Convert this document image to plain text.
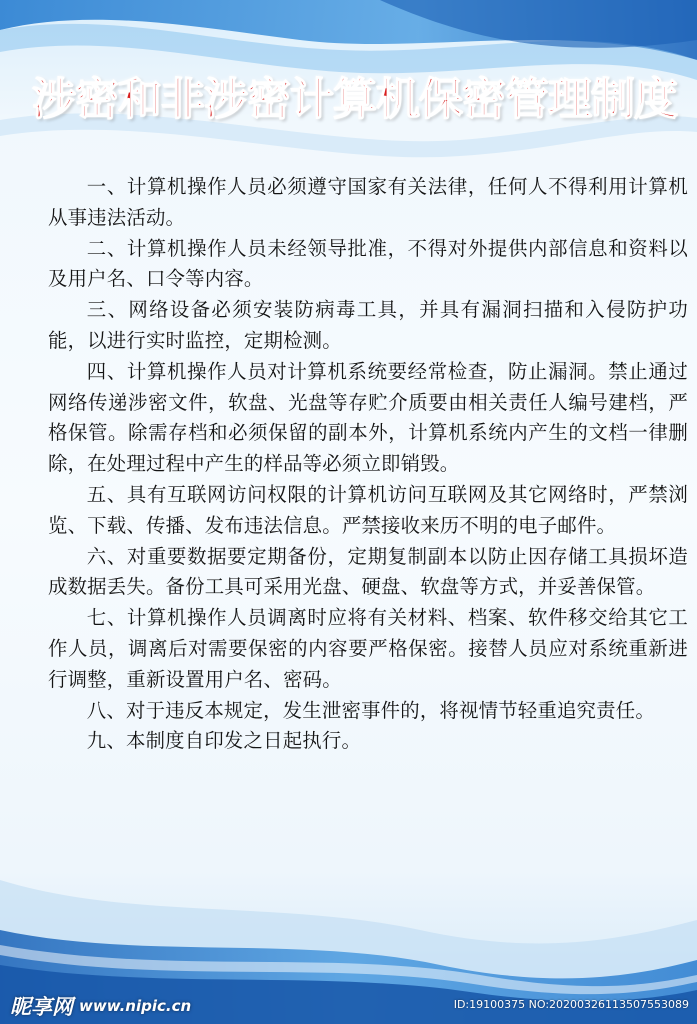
涉密和非涉密计算机保密管理制度

一、计算机操作人员必须遵守国家有关法律，任何人不得利用计算机从事违法活动。

二、计算机操作人员未经领导批准，不得对外提供内部信息和资料以及用户名、口令等内容。

三、网络设备必须安装防病毒工具，并具有漏洞扫描和入侵防护功能，以进行实时监控，定期检测。

四、计算机操作人员对计算机系统要经常检查，防止漏洞。禁止通过网络传递涉密文件，软盘、光盘等存贮介质要由相关责任人编号建档，严格保管。除需存档和必须保留的副本外，计算机系统内产生的文档一律删除，在处理过程中产生的样品等必须立即销毁。

五、具有互联网访问权限的计算机访问互联网及其它网络时，严禁浏览、下载、传播、发布违法信息。严禁接收来历不明的电子邮件。

六、对重要数据要定期备份，定期复制副本以防止因存储工具损坏造成数据丢失。备份工具可采用光盘、硬盘、软盘等方式，并妥善保管。

七、计算机操作人员调离时应将有关材料、档案、软件移交给其它工作人员，调离后对需要保密的内容要严格保密。接替人员应对系统重新进行调整，重新设置用户名、密码。

八、对于违反本规定，发生泄密事件的，将视情节轻重追究责任。

九、本制度自印发之日起执行。

昵享网 www.nipic.cn	ID:19100375 NO:20200326113507553089
